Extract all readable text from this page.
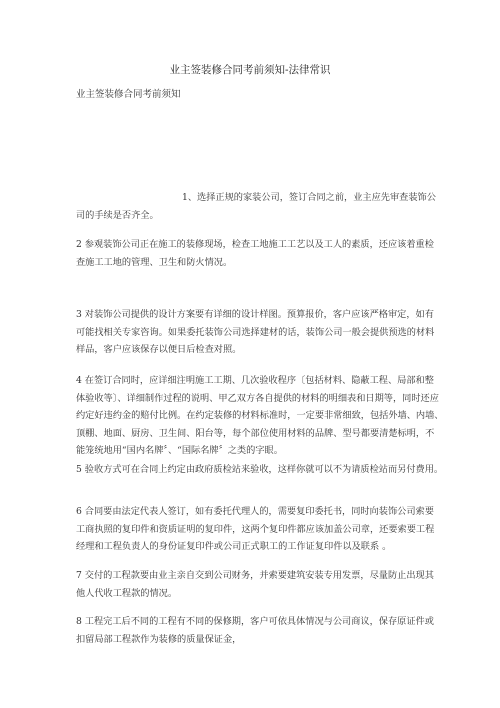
业主签装修合同考前须知-法律常识
业主签装修合同考前须知
1、选择正规的家装公司，签订合同之前，业主应先审查装饰公
司的手续是否齐全。
2 参观装饰公司正在施工的装修现场，检查工地施工工艺以及工人的素质，还应该着重检
查施工工地的管理、卫生和防火情况。
3 对装饰公司提供的设计方案要有详细的设计样图。预算报价，客户应该严格审定，如有
可能找相关专家咨询。如果委托装饰公司选择建材的话，装饰公司一般会提供预选的材料
样品，客户应该保存以便日后检查对照。
4 在签订合同时，应详细注明施工工期、几次验收程序〔包括材料、隐蔽工程、局部和整
体验收等〕、详细制作过程的说明、甲乙双方各自提供的材料的明细表和日期等，同时还应
约定好违约金的赔付比例。在约定装修的材料标准时，一定要非常细致，包括外墙、内墙、
顶棚、地面、厨房、卫生间、阳台等，每个部位使用材料的品牌、型号都要清楚标明，不
能笼统地用“国内名牌〞、“国际名牌〞之类的字眼。
5 验收方式可在合同上约定由政府质检站来验收，这样你就可以不为请质检站而另付费用。
6 合同要由法定代表人签订，如有委托代理人的，需要复印委托书，同时向装饰公司索要
工商执照的复印件和资质证明的复印件，这两个复印件都应该加盖公司章，还要索要工程
经理和工程负责人的身份证复印件或公司正式职工的工作证复印件以及联系 。
7 交付的工程款要由业主亲自交到公司财务，并索要建筑安装专用发票，尽量防止出现其
他人代收工程款的情况。
8 工程完工后不同的工程有不同的保修期，客户可依具体情况与公司商议，保存原证件或
扣留局部工程款作为装修的质量保证金，
